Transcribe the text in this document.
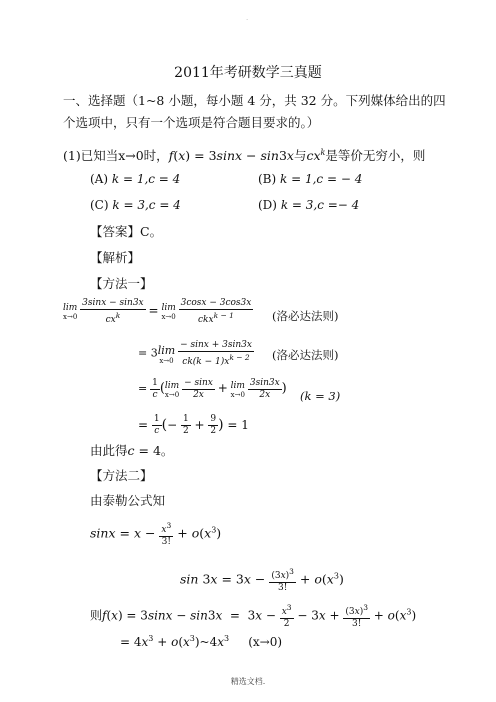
.
2011年考研数学三真题
一、选择题（1~8 小题，每小题 4 分，共 32 分。下列媒体给出的四
个选项中，只有一个选项是符合题目要求的。）
(1)已知当x→0时，f(x) = 3sinx − sin3x与$cx^k$是等价无穷小，则
(A) k = 1,c = 4	(B) k = 1,c = − 4
(C) k = 3,c = 4	(D) k = 3,c =− 4
【答案】C。
【解析】
【方法一】
lim
x→0
$\frac{3\sin x - \sin 3x}{cx^k} = \lim$
x→0
$\frac{3\cos x - 3\cos 3x}{ckx^{k - 1}}$ (洛必达法则)
= 3lim
x→0
$\frac{- \sin x + 3\sin 3x}{ck(k - 1)x^{k - 2}}$ (洛必达法则)
= $\frac{1}{c} (\lim$
x→0
$\frac{- \sin x}{2x} + \lim$
x→0
$\frac{3\sin 3x}{2x}$ ) (k = 3)
= $\frac{1}{c}$ (− $\frac{1}{2} + \frac{9}{2}$ ) = 1
由此得c = 4。
【方法二】
由泰勒公式知
$\sin x = x - \frac{x^3}{3!} + o(x^3)$
$\sin 3x = 3x - \frac{(3x)^3}{3!} + o(x^3)$
则$f(x) = 3\sin x - \sin 3x = 3x - \frac{x^3}{2} - 3x + \frac{(3x)^3}{3!} + o(x^3)$
= $4x^3$ + $o(x^3)\sim 4x^3$     (x→0)
精选文档.
